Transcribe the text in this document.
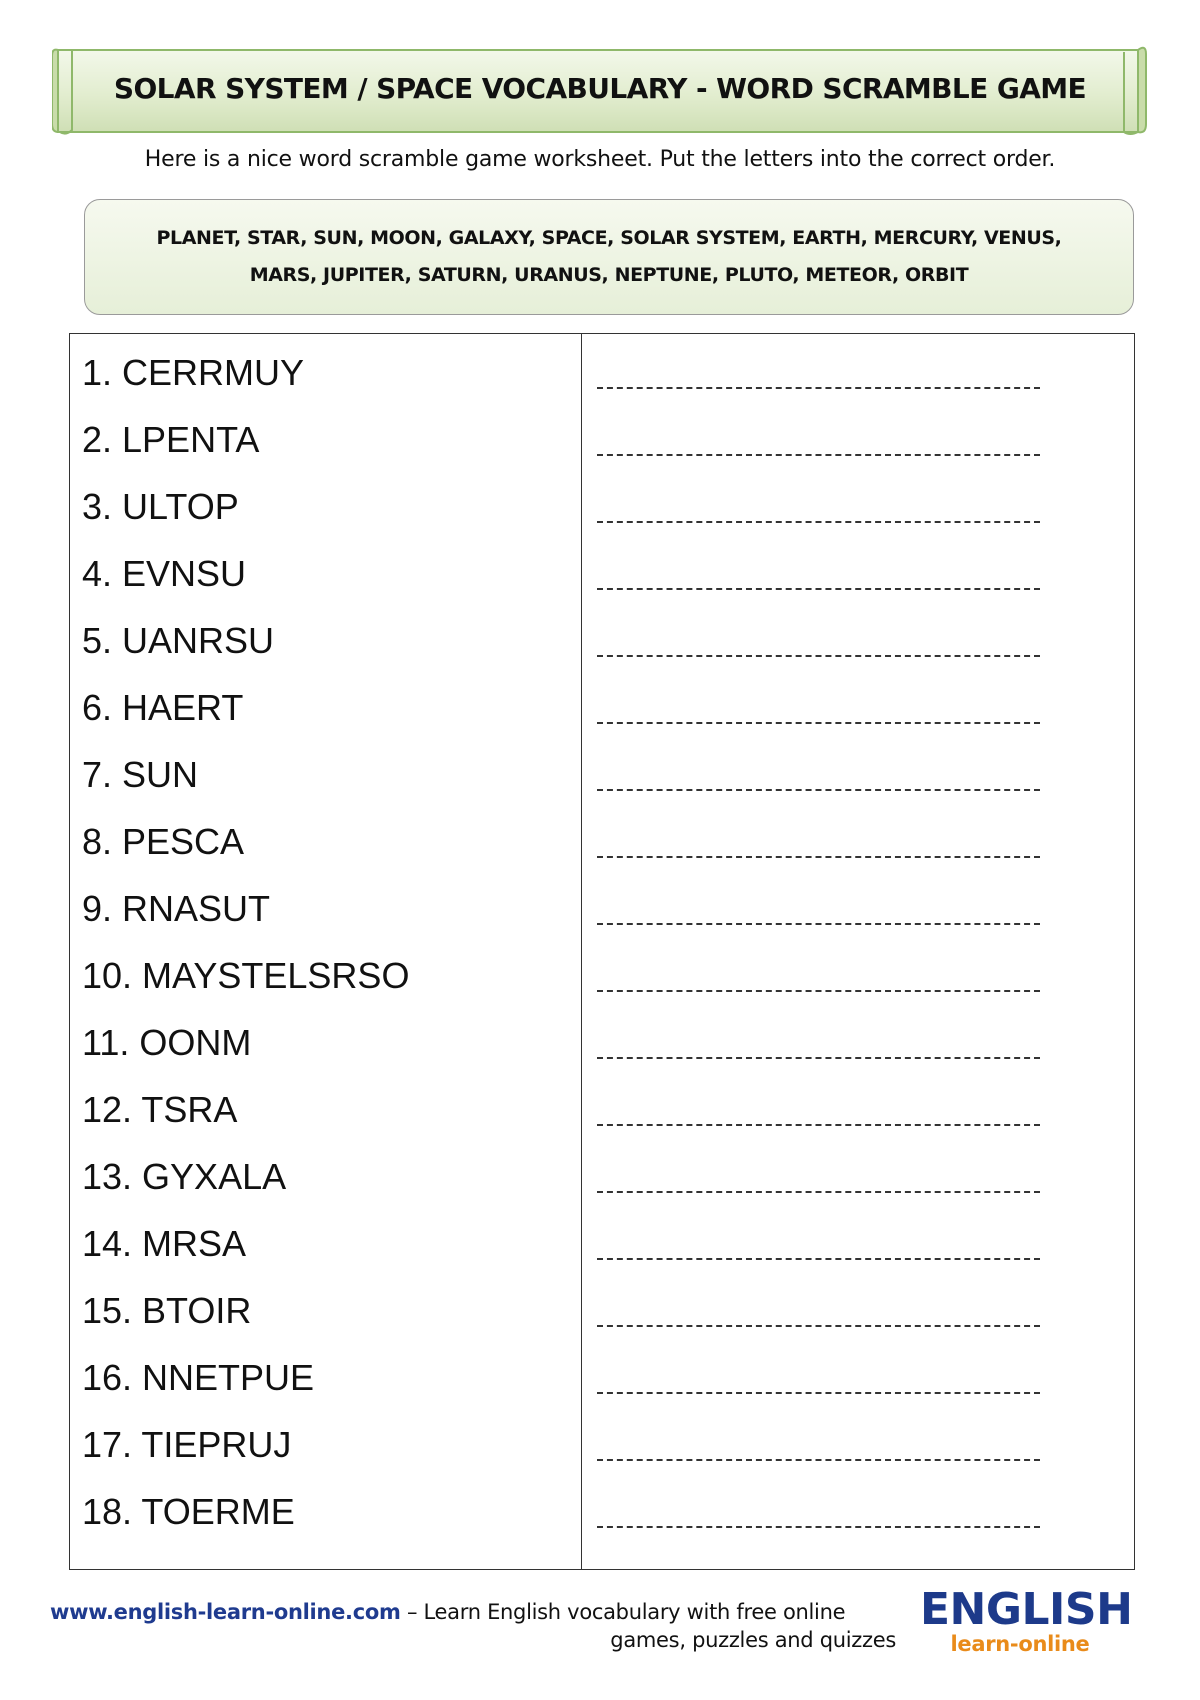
SOLAR SYSTEM / SPACE VOCABULARY - WORD SCRAMBLE GAME
Here is a nice word scramble game worksheet. Put the letters into the correct order.
PLANET, STAR, SUN, MOON, GALAXY, SPACE, SOLAR SYSTEM, EARTH, MERCURY, VENUS,
MARS, JUPITER, SATURN, URANUS, NEPTUNE, PLUTO, METEOR, ORBIT
1. CERRMUY
2. LPENTA
3. ULTOP
4. EVNSU
5. UANRSU
6. HAERT
7. SUN
8. PESCA
9. RNASUT
10. MAYSTELSRSO
11. OONM
12. TSRA
13. GYXALA
14. MRSA
15. BTOIR
16. NNETPUE
17. TIEPRUJ
18. TOERME
www.english-learn-online.com – Learn English vocabulary with free online
games, puzzles and quizzes
ENGLISH
learn-online
